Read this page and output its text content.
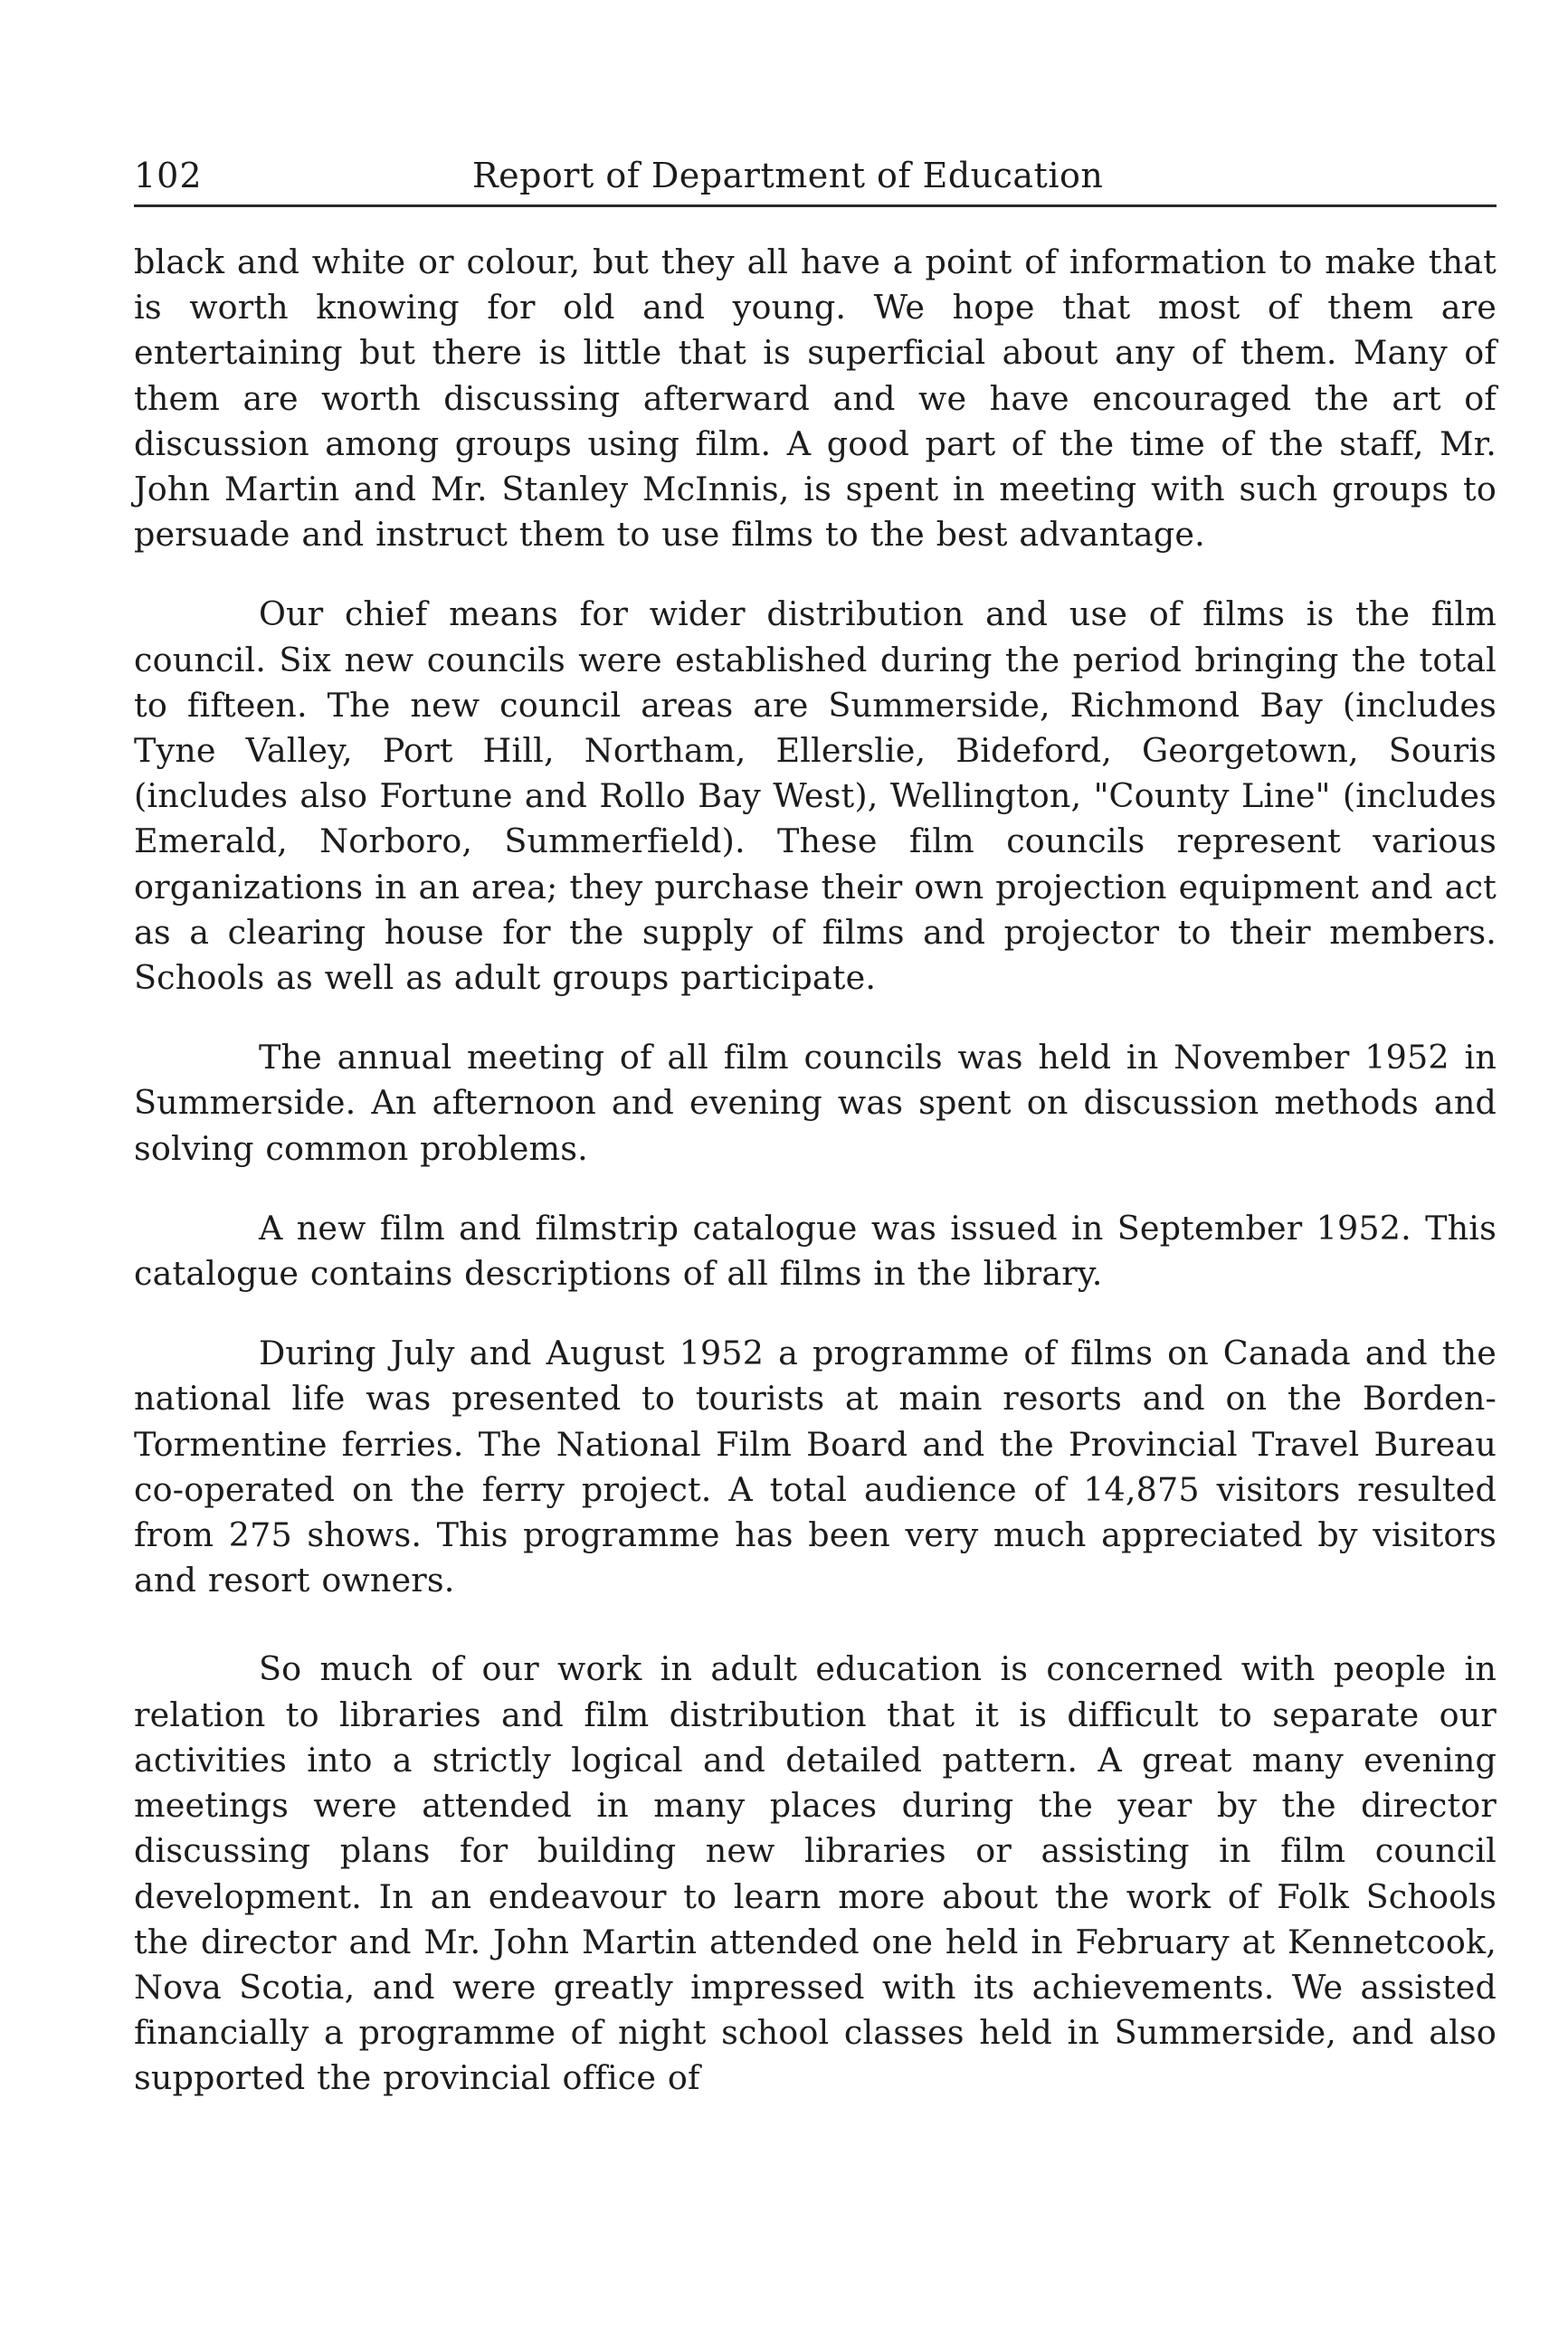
102	Report of Department of Education

black and white or colour, but they all have a point of information to make that is worth knowing for old and young. We hope that most of them are entertaining but there is little that is superficial about any of them. Many of them are worth discussing afterward and we have encouraged the art of discussion among groups using film. A good part of the time of the staff, Mr. John Martin and Mr. Stanley McInnis, is spent in meeting with such groups to persuade and instruct them to use films to the best advantage.

Our chief means for wider distribution and use of films is the film council. Six new councils were established during the period bringing the total to fifteen. The new council areas are Summerside, Richmond Bay (includes Tyne Valley, Port Hill, Northam, Ellerslie, Bideford, Georgetown, Souris (includes also Fortune and Rollo Bay West), Wellington, "County Line" (includes Emerald, Norboro, Summerfield). These film councils represent various organizations in an area; they purchase their own projection equipment and act as a clearing house for the supply of films and projector to their members. Schools as well as adult groups participate.

The annual meeting of all film councils was held in November 1952 in Summerside. An afternoon and evening was spent on discussion methods and solving common problems.

A new film and filmstrip catalogue was issued in September 1952. This catalogue contains descriptions of all films in the library.

During July and August 1952 a programme of films on Canada and the national life was presented to tourists at main resorts and on the Borden-Tormentine ferries. The National Film Board and the Provincial Travel Bureau co-operated on the ferry project. A total audience of 14,875 visitors resulted from 275 shows. This programme has been very much appreciated by visitors and resort owners.

So much of our work in adult education is concerned with people in relation to libraries and film distribution that it is difficult to separate our activities into a strictly logical and detailed pattern. A great many evening meetings were attended in many places during the year by the director discussing plans for building new libraries or assisting in film council development. In an endeavour to learn more about the work of Folk Schools the director and Mr. John Martin attended one held in February at Kennetcook, Nova Scotia, and were greatly impressed with its achievements. We assisted financially a programme of night school classes held in Summerside, and also supported the provincial office of
